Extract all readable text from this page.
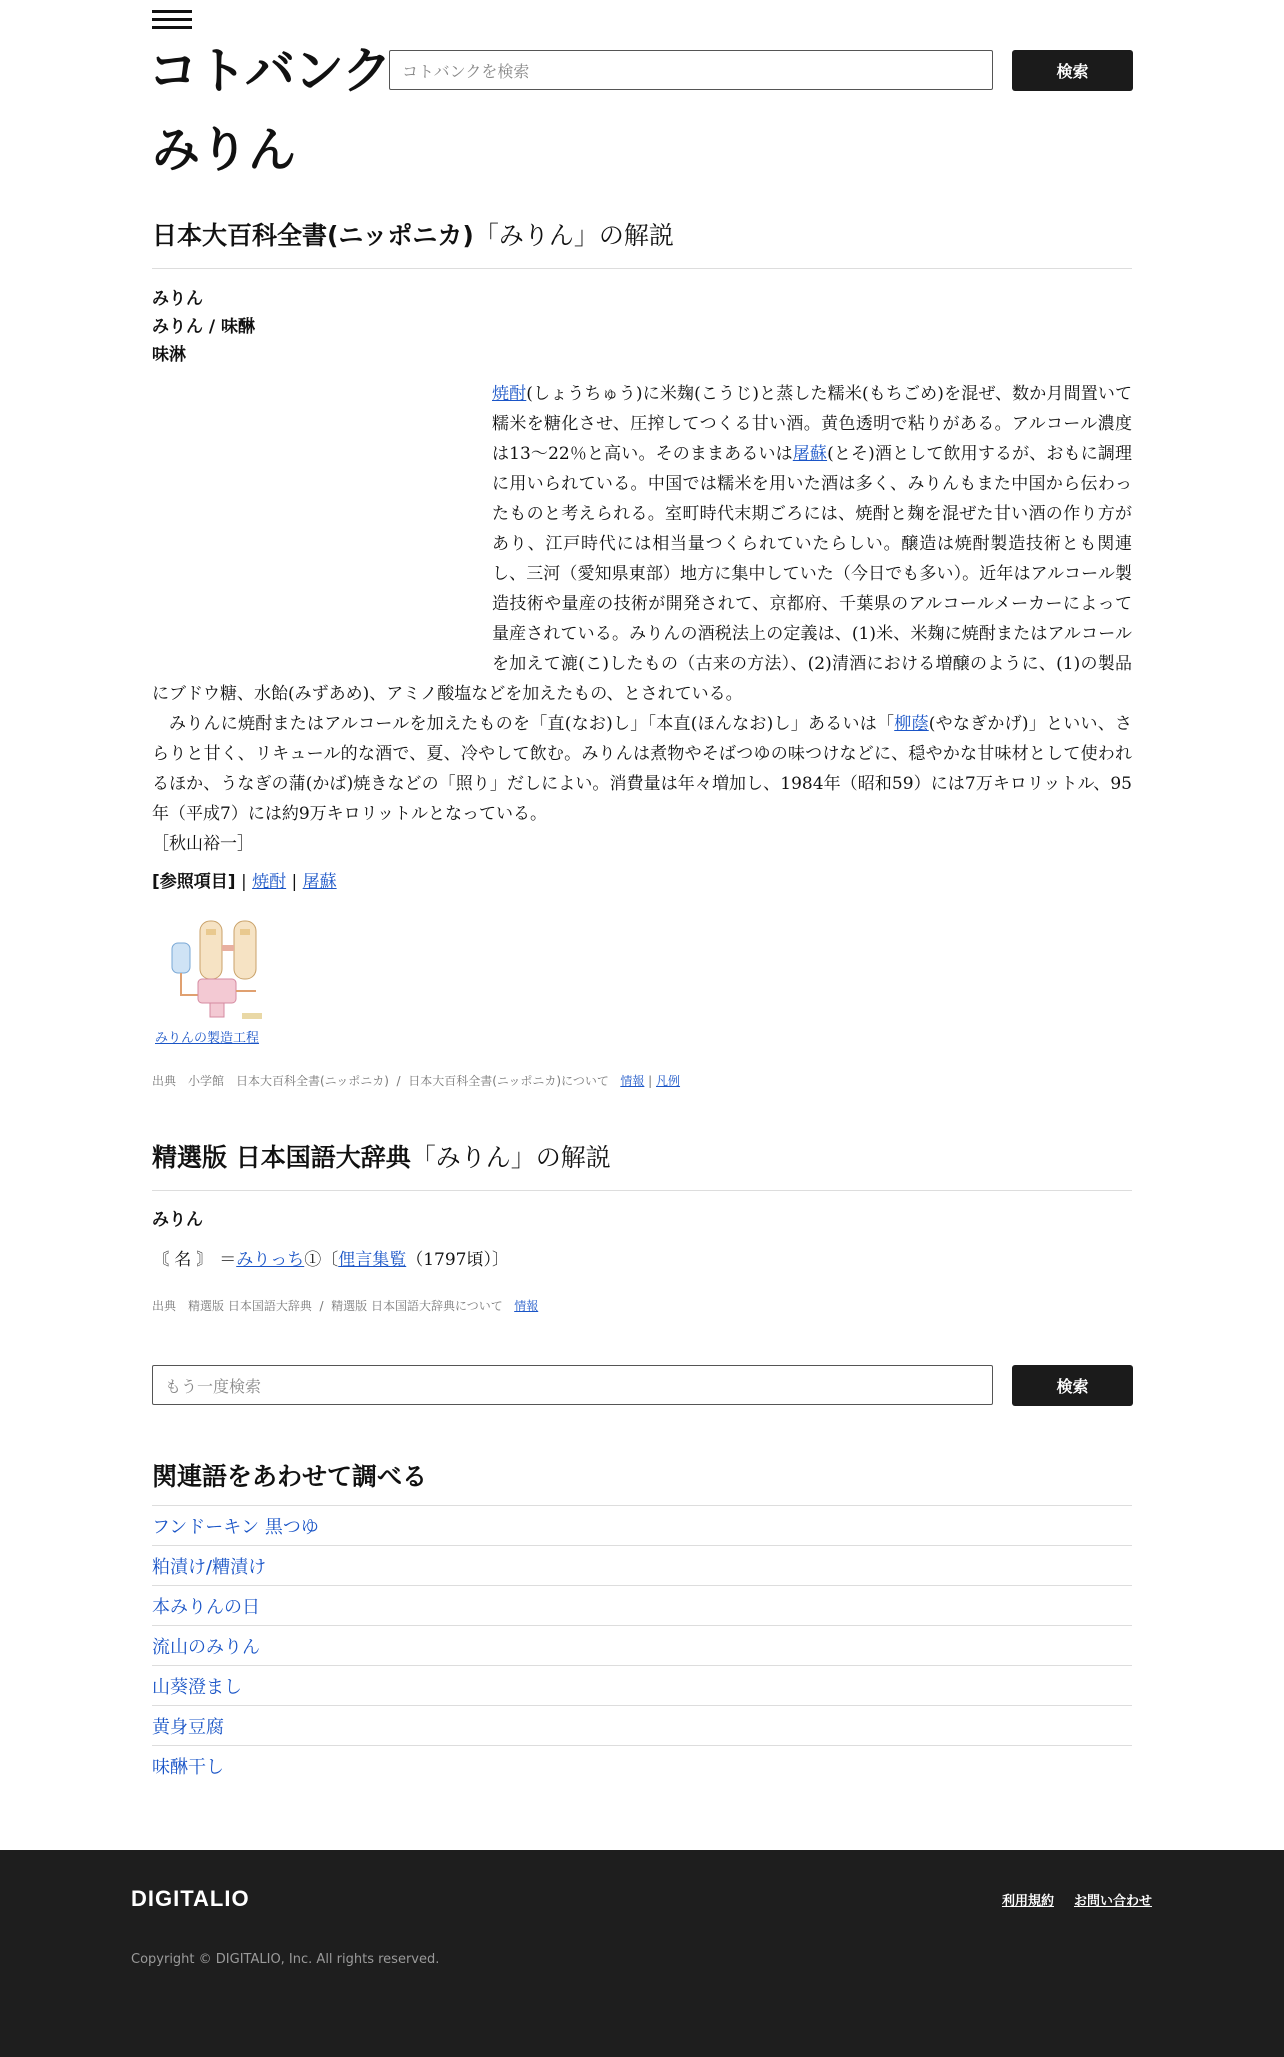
コトバンク コトバンクを検索	検索
みりん
日本大百科全書(ニッポニカ)「みりん」の解説
みりん
みりん / 味醂
味淋

焼酎(しょうちゅう)に米麹(こうじ)と蒸した糯米(もちごめ)を混ぜ、数か月間置いて糯米を糖化させ、圧搾してつくる甘い酒。黄色透明で粘りがある。アルコール濃度は13～22％と高い。そのままあるいは屠蘇(とそ)酒として飲用するが、おもに調理に用いられている。中国では糯米を用いた酒は多く、みりんもまた中国から伝わったものと考えられる。室町時代末期ごろには、焼酎と麹を混ぜた甘い酒の作り方があり、江戸時代には相当量つくられていたらしい。醸造は焼酎製造技術とも関連し、三河（愛知県東部）地方に集中していた（今日でも多い）。近年はアルコール製造技術や量産の技術が開発されて、京都府、千葉県のアルコールメーカーによって量産されている。みりんの酒税法上の定義は、(1)米、米麹に焼酎またはアルコールを加えて漉(こ)したもの（古来の方法）、(2)清酒における増醸のように、(1)の製品にブドウ糖、水飴(みずあめ)、アミノ酸塩などを加えたもの、とされている。

みりんに焼酎またはアルコールを加えたものを「直(なお)し」「本直(ほんなお)し」あるいは「柳蔭(やなぎかげ)」といい、さらりと甘く、リキュール的な酒で、夏、冷やして飲む。みりんは煮物やそばつゆの味つけなどに、穏やかな甘味材として使われるほか、うなぎの蒲(かば)焼きなどの「照り」だしによい。消費量は年々増加し、1984年（昭和59）には7万キロリットル、95年（平成7）には約9万キロリットルとなっている。

［秋山裕一］

[参照項目] | 焼酎 | 屠蘇
みりんの製造工程
出典　小学館　日本大百科全書(ニッポニカ)  /  日本大百科全書(ニッポニカ)について 情報 | 凡例
精選版 日本国語大辞典「みりん」の解説
みりん
〘 名 〙 ＝みりっち①〔俚言集覧（1797頃）〕
出典　精選版 日本国語大辞典  /  精選版 日本国語大辞典について 情報
もう一度検索	検索
関連語をあわせて調べる
フンドーキン 黒つゆ
粕漬け/糟漬け
本みりんの日
流山のみりん
山葵澄まし
黄身豆腐
味醂干し
DIGITALIO	利用規約 お問い合わせ
Copyright © DIGITALIO, Inc. All rights reserved.
